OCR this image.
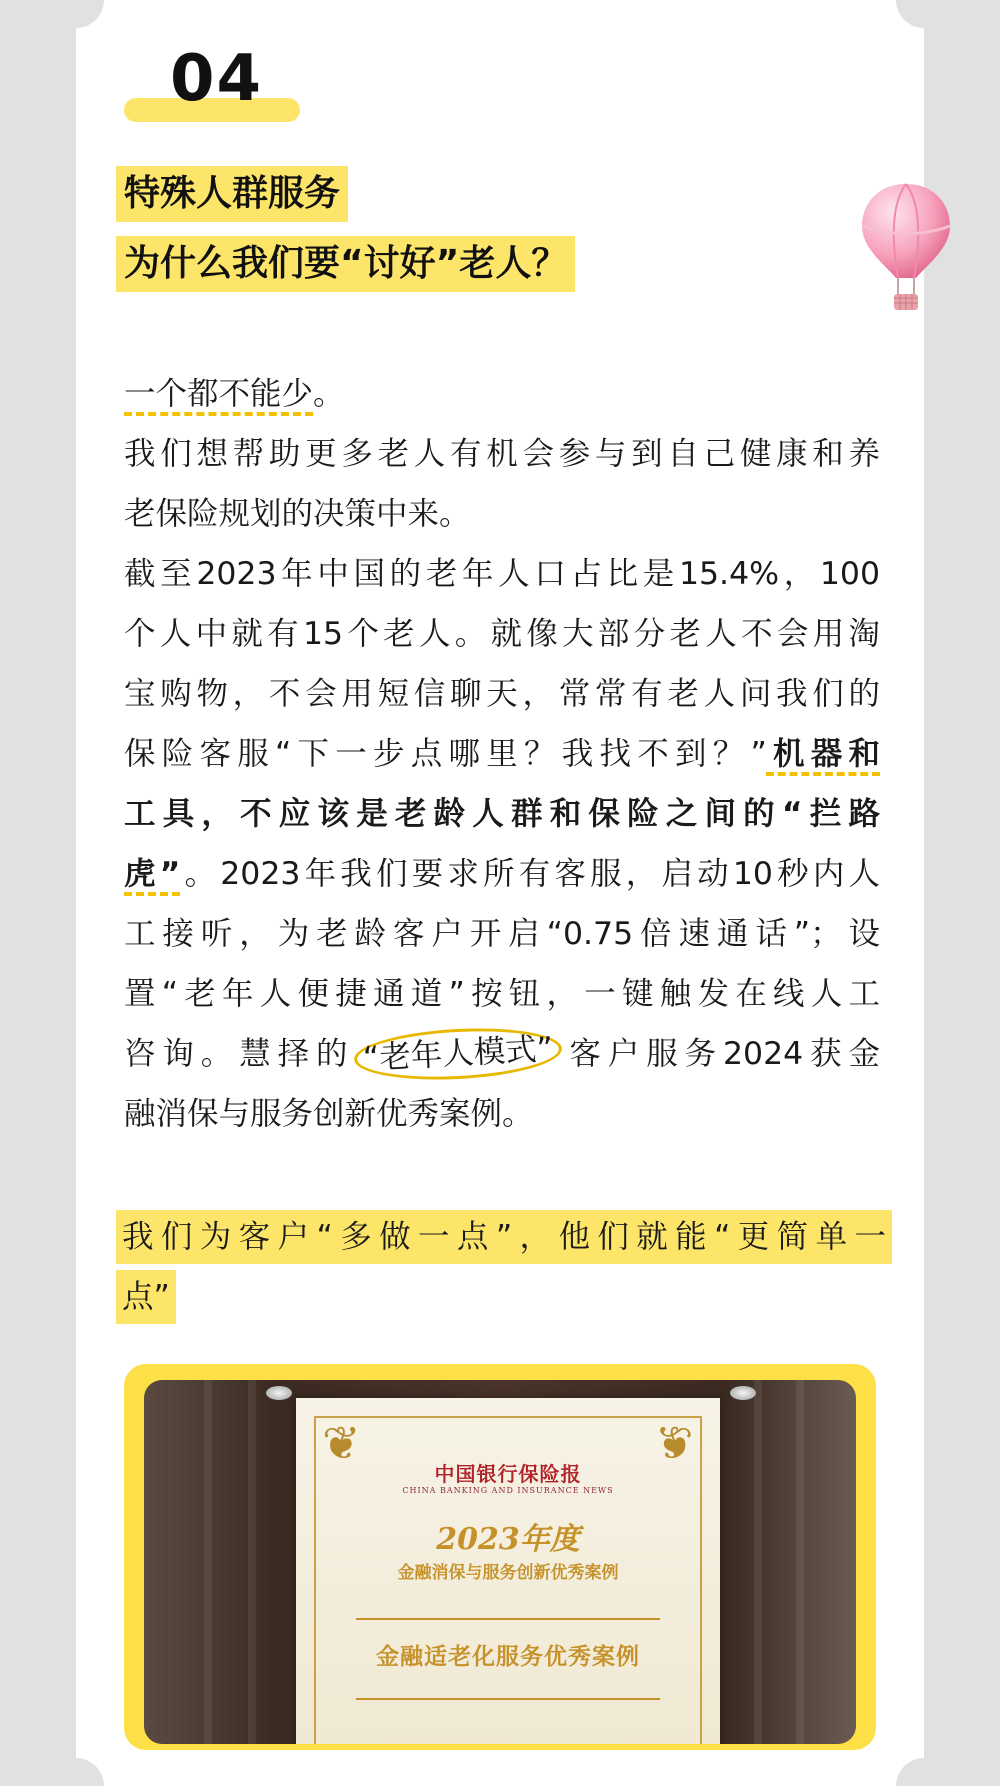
04
特殊人群服务
为什么我们要“讨好”老人？
一个都不能少。
我们想帮助更多老人有机会参与到自己健康和养
老保险规划的决策中来。
截至2023年中国的老年人口占比是15.4%，100
个人中就有15个老人。就像大部分老人不会用淘
宝购物，不会用短信聊天，常常有老人问我们的
保险客服“下一步点哪里？我找不到？”机器和
工具，不应该是老龄人群和保险之间的“拦路
虎”。2023年我们要求所有客服，启动10秒内人
工接听，为老龄客户开启“0.75倍速通话”；设
置“老年人便捷通道”按钮，一键触发在线人工
咨询。慧择的 “老年人模式” 客户服务2024获金
融消保与服务创新优秀案例。
我们为客户“多做一点”，他们就能“更简单一
点”
❦	❦
中国银行保险报
CHINA BANKING AND INSURANCE NEWS
2023年度
金融消保与服务创新优秀案例
金融适老化服务优秀案例
